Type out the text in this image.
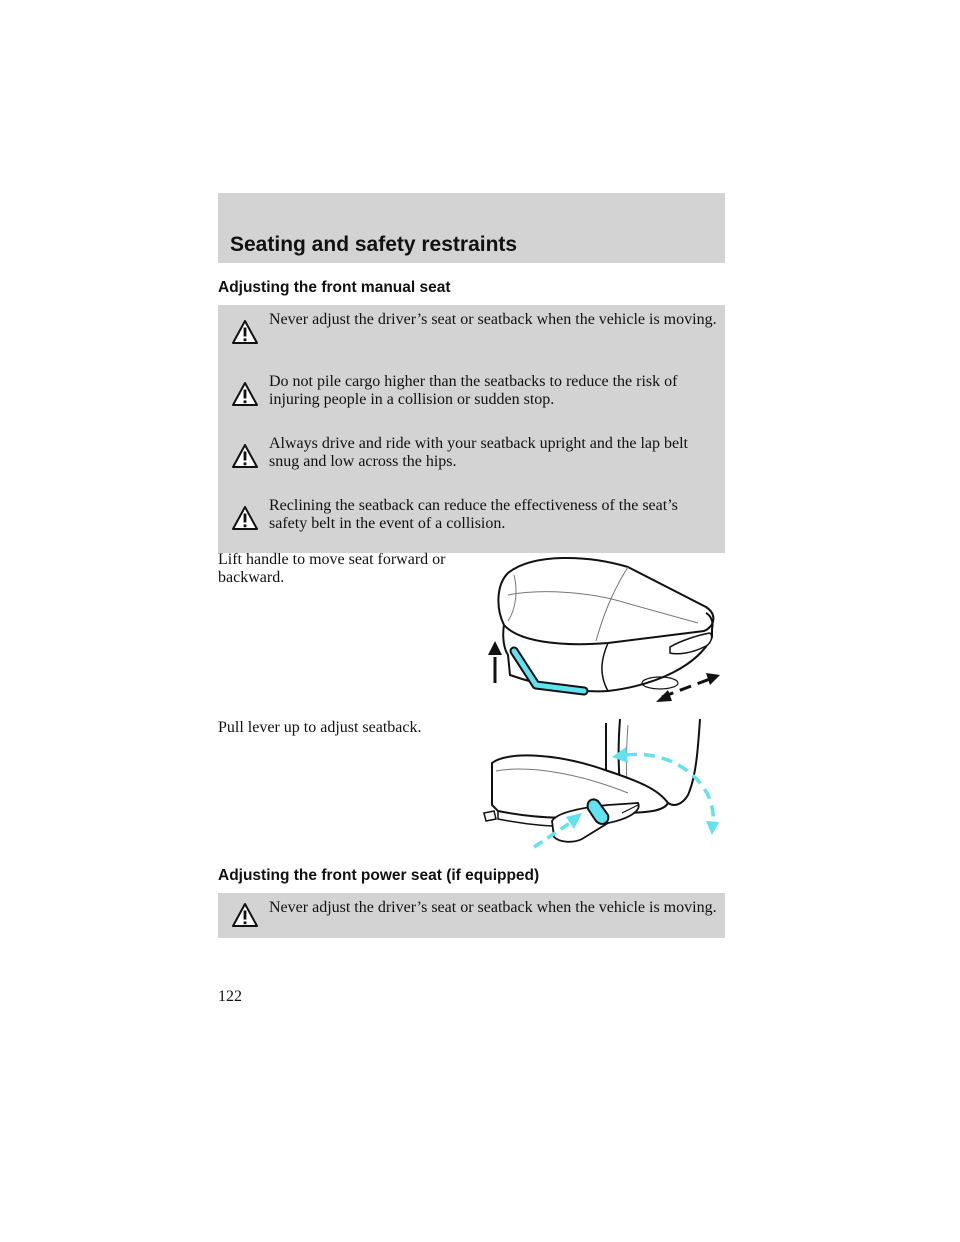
Seating and safety restraints
Adjusting the front manual seat
Never adjust the driver’s seat or seatback when the vehicle is moving.
Do not pile cargo higher than the seatbacks to reduce the risk of injuring people in a collision or sudden stop.
Always drive and ride with your seatback upright and the lap belt snug and low across the hips.
Reclining the seatback can reduce the effectiveness of the seat’s safety belt in the event of a collision.
Lift handle to move seat forward or backward.
Pull lever up to adjust seatback.
Adjusting the front power seat (if equipped)
Never adjust the driver’s seat or seatback when the vehicle is moving.
122
